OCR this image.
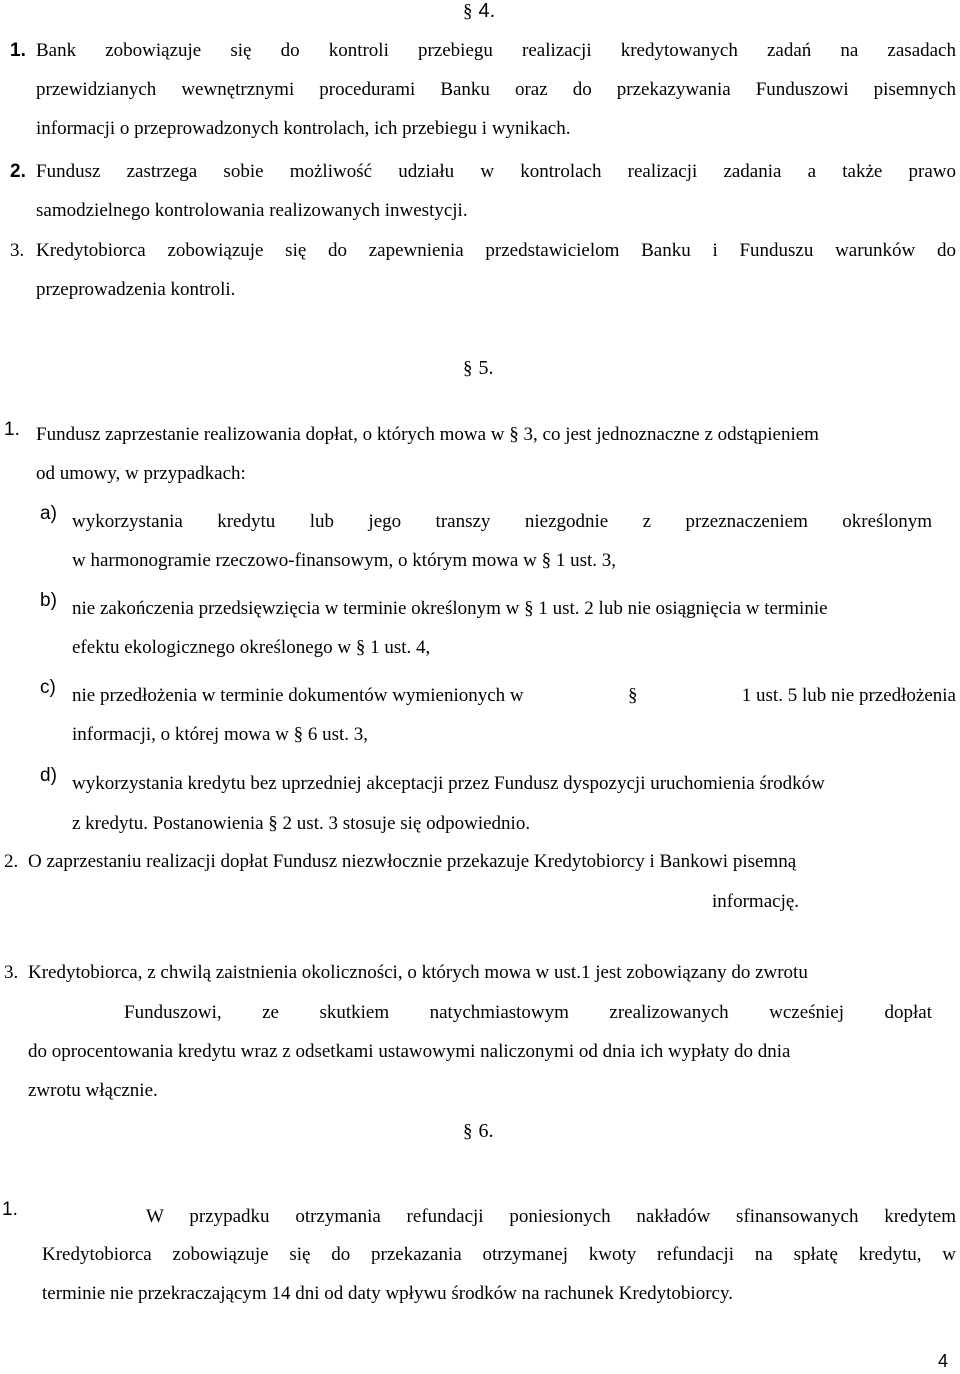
§ 4.
1. Bank zobowiązuje się do kontroli przebiegu realizacji kredytowanych zadań na zasadach
przewidzianych wewnętrznymi procedurami Banku oraz do przekazywania Funduszowi pisemnych
informacji o przeprowadzonych kontrolach, ich przebiegu i wynikach.
2. Fundusz zastrzega sobie możliwość udziału w kontrolach realizacji zadania a także prawo
samodzielnego kontrolowania realizowanych inwestycji.
3. Kredytobiorca zobowiązuje się do zapewnienia przedstawicielom Banku i Funduszu warunków do
przeprowadzenia kontroli.
§ 5.
1. Fundusz zaprzestanie realizowania dopłat, o których mowa w § 3, co jest jednoznaczne z odstąpieniem
od umowy, w przypadkach:
a) wykorzystania kredytu lub jego transzy niezgodnie z przeznaczeniem określonym
w harmonogramie rzeczowo-finansowym, o którym mowa w § 1 ust. 3,
b) nie zakończenia przedsięwzięcia w terminie określonym w § 1 ust. 2 lub nie osiągnięcia w terminie
efektu ekologicznego określonego w § 1 ust. 4,
c) nie przedłożenia w terminie dokumentów wymienionych w	§	1 ust. 5 lub nie przedłożenia
informacji, o której mowa w § 6 ust. 3,
d) wykorzystania kredytu bez uprzedniej akceptacji przez Fundusz dyspozycji uruchomienia środków
z kredytu. Postanowienia § 2 ust. 3 stosuje się odpowiednio.
2. O zaprzestaniu realizacji dopłat Fundusz niezwłocznie przekazuje Kredytobiorcy i Bankowi pisemną
informację.
3. Kredytobiorca, z chwilą zaistnienia okoliczności, o których mowa w ust.1 jest zobowiązany do zwrotu
Funduszowi, ze skutkiem natychmiastowym zrealizowanych wcześniej dopłat
do oprocentowania kredytu wraz z odsetkami ustawowymi naliczonymi od dnia ich wypłaty do dnia
zwrotu włącznie.
§ 6.
1.	W przypadku otrzymania refundacji poniesionych nakładów sfinansowanych kredytem
Kredytobiorca zobowiązuje się do przekazania otrzymanej kwoty refundacji na spłatę kredytu, w
terminie nie przekraczającym 14 dni od daty wpływu środków na rachunek Kredytobiorcy.
4
